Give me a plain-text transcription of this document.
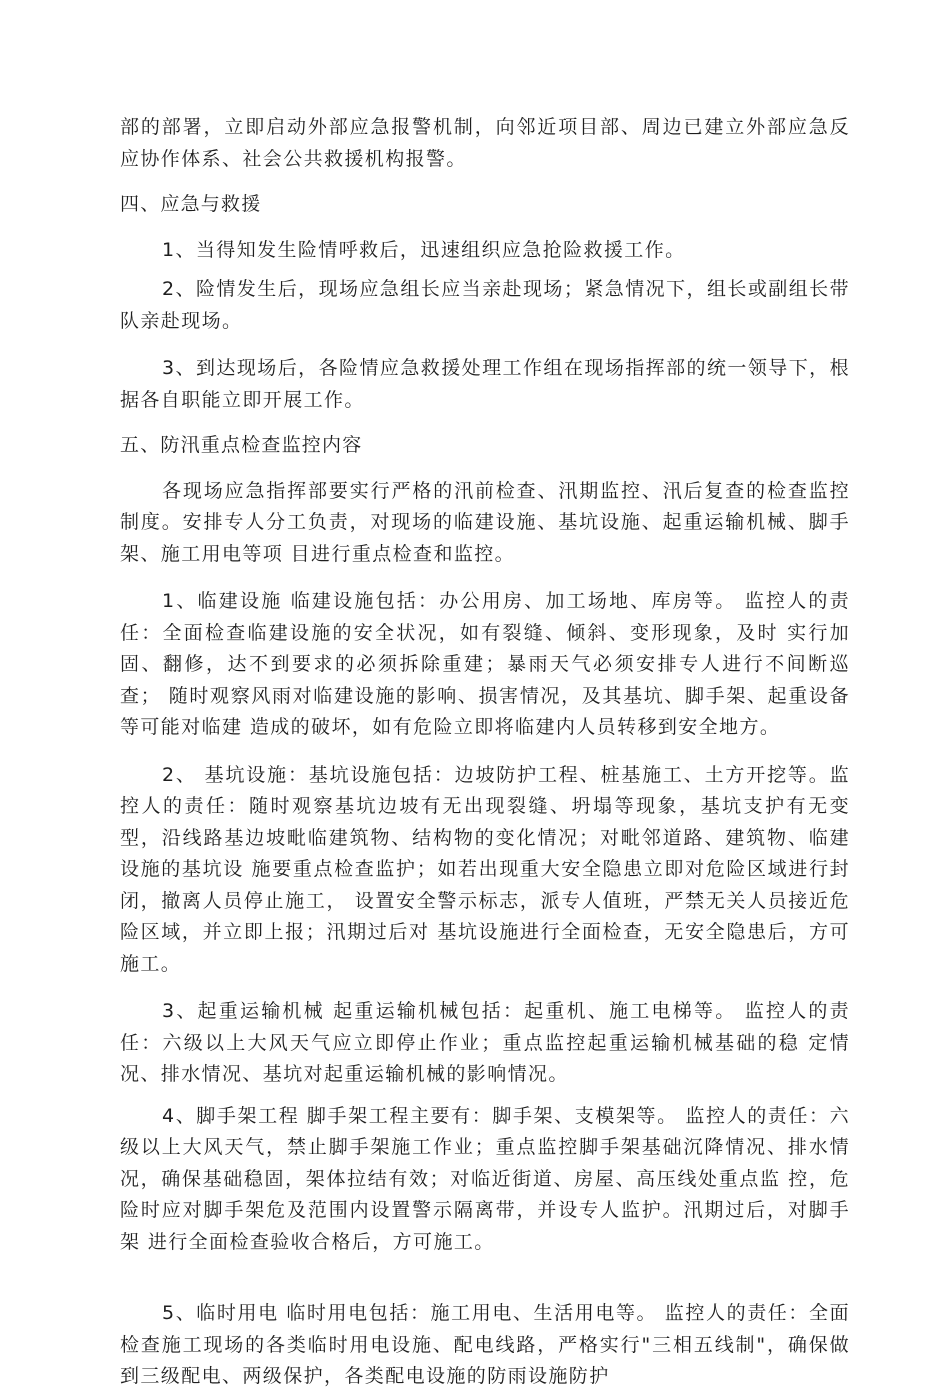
部的部署，立即启动外部应急报警机制，向邻近项目部、周边已建立外部应急反应协作体系、社会公共救援机构报警。

四、应急与救援

1、当得知发生险情呼救后，迅速组织应急抢险救援工作。

2、险情发生后，现场应急组长应当亲赴现场；紧急情况下，组长或副组长带队亲赴现场。

3、到达现场后，各险情应急救援处理工作组在现场指挥部的统一领导下，根据各自职能立即开展工作。

五、防汛重点检查监控内容

各现场应急指挥部要实行严格的汛前检查、汛期监控、汛后复查的检查监控制度。安排专人分工负责，对现场的临建设施、基坑设施、起重运输机械、脚手架、施工用电等项 目进行重点检查和监控。

1、临建设施 临建设施包括：办公用房、加工场地、库房等。 监控人的责任：全面检查临建设施的安全状况，如有裂缝、倾斜、变形现象，及时 实行加固、翻修，达不到要求的必须拆除重建；暴雨天气必须安排专人进行不间断巡查； 随时观察风雨对临建设施的影响、损害情况，及其基坑、脚手架、起重设备等可能对临建 造成的破坏，如有危险立即将临建内人员转移到安全地方。

2、 基坑设施：基坑设施包括：边坡防护工程、桩基施工、土方开挖等。监控人的责任：随时观察基坑边坡有无出现裂缝、坍塌等现象，基坑支护有无变型，沿线路基边坡毗临建筑物、结构物的变化情况；对毗邻道路、建筑物、临建设施的基坑设 施要重点检查监护；如若出现重大安全隐患立即对危险区域进行封闭，撤离人员停止施工， 设置安全警示标志，派专人值班，严禁无关人员接近危险区域，并立即上报；汛期过后对 基坑设施进行全面检查，无安全隐患后，方可施工。

3、起重运输机械 起重运输机械包括：起重机、施工电梯等。 监控人的责任：六级以上大风天气应立即停止作业；重点监控起重运输机械基础的稳 定情况、排水情况、基坑对起重运输机械的影响情况。

4、脚手架工程 脚手架工程主要有：脚手架、支模架等。 监控人的责任：六级以上大风天气，禁止脚手架施工作业；重点监控脚手架基础沉降情况、排水情况，确保基础稳固，架体拉结有效；对临近街道、房屋、高压线处重点监 控，危险时应对脚手架危及范围内设置警示隔离带，并设专人监护。汛期过后，对脚手架 进行全面检查验收合格后，方可施工。

5、临时用电 临时用电包括：施工用电、生活用电等。 监控人的责任：全面检查施工现场的各类临时用电设施、配电线路，严格实行"三相五线制"，确保做到三级配电、两级保护，各类配电设施的防雨设施防护
